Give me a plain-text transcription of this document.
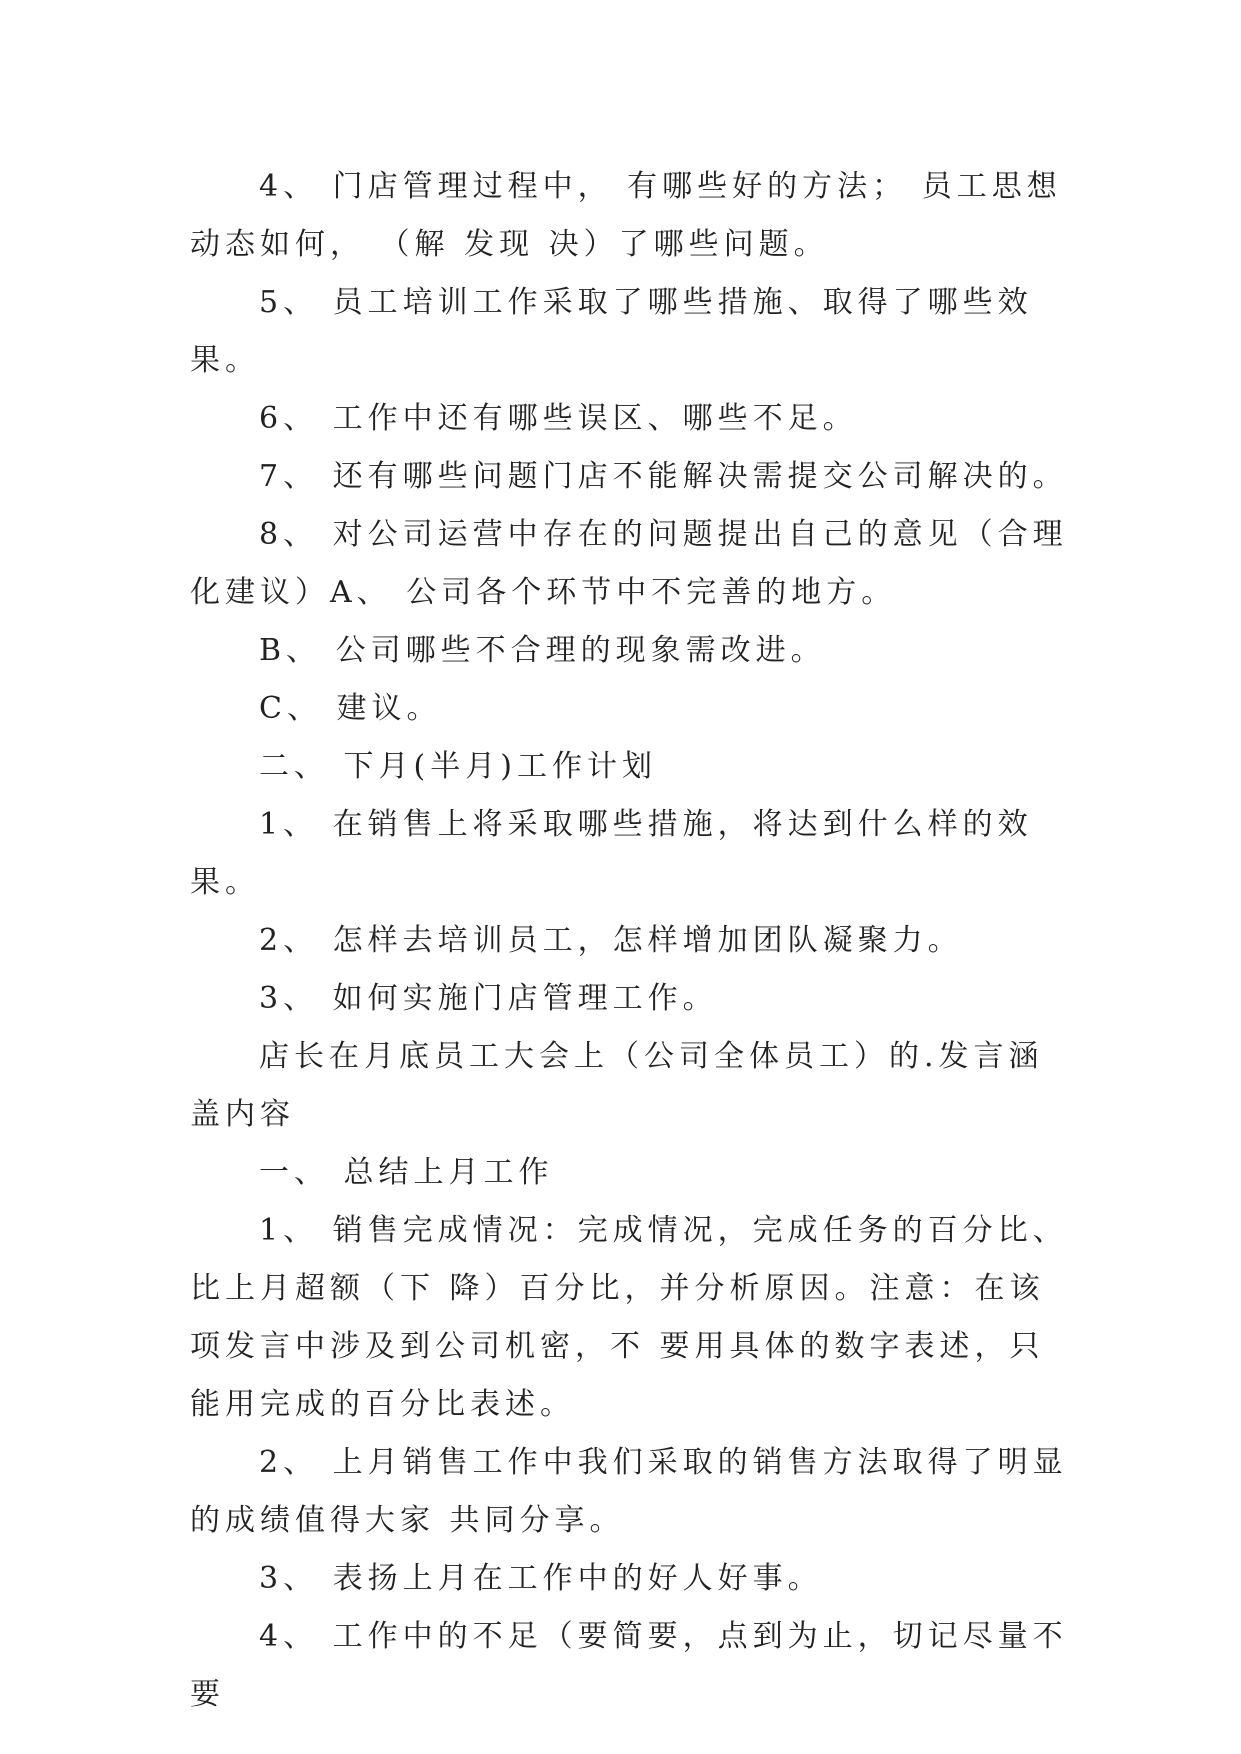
4、 门店管理过程中， 有哪些好的方法； 员工思想动态如何， （解 发现 决）了哪些问题。

5、 员工培训工作采取了哪些措施、取得了哪些效果。

6、 工作中还有哪些误区、哪些不足。

7、 还有哪些问题门店不能解决需提交公司解决的。

8、 对公司运营中存在的问题提出自己的意见（合理化建议）A、 公司各个环节中不完善的地方。

B、 公司哪些不合理的现象需改进。

C、 建议。

二、 下月(半月)工作计划

1、 在销售上将采取哪些措施，将达到什么样的效果。

2、 怎样去培训员工，怎样增加团队凝聚力。

3、 如何实施门店管理工作。

店长在月底员工大会上（公司全体员工）的.发言涵盖内容

一、 总结上月工作

1、 销售完成情况：完成情况，完成任务的百分比、比上月超额（下 降）百分比，并分析原因。注意：在该项发言中涉及到公司机密，不 要用具体的数字表述，只能用完成的百分比表述。

2、 上月销售工作中我们采取的销售方法取得了明显的成绩值得大家 共同分享。

3、 表扬上月在工作中的好人好事。

4、 工作中的不足（要简要，点到为止，切记尽量不要
